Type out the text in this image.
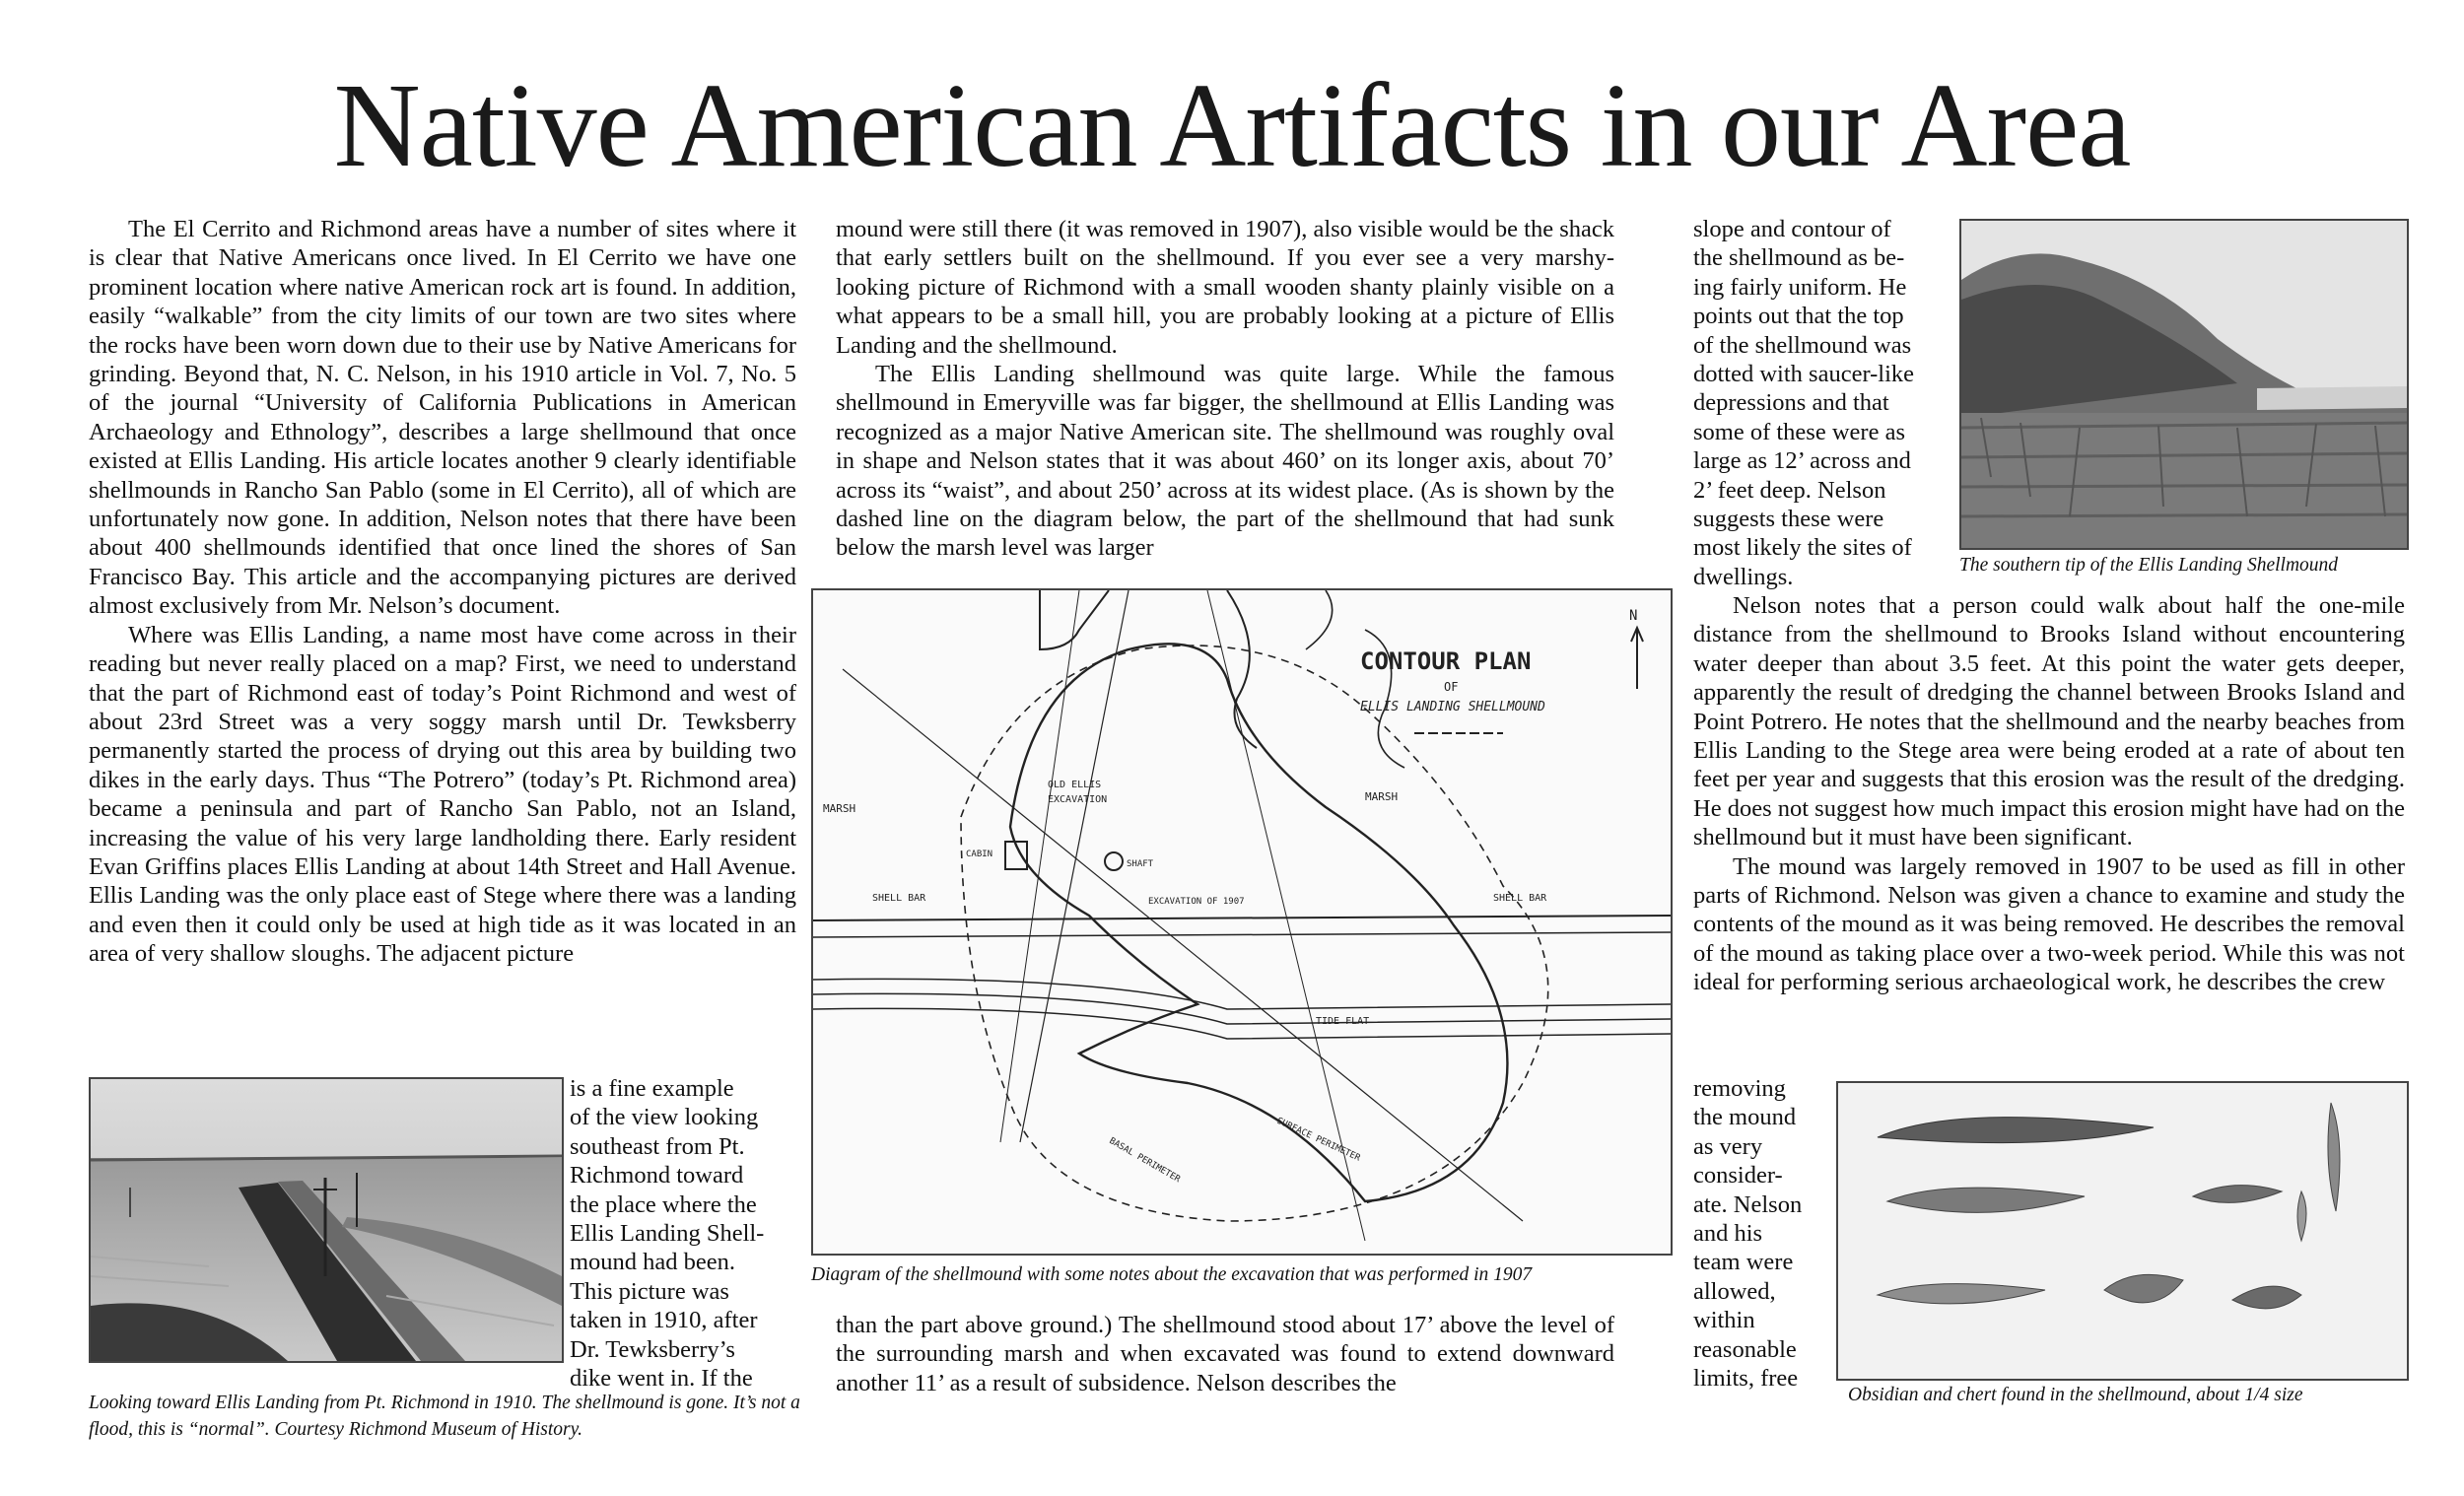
Native American Artifacts in our Area

The El Cerrito and Richmond areas have a number of sites where it is clear that Native Americans once lived. In El Cerrito we have one prominent location where native American rock art is found. In addition, easily “walkable” from the city limits of our town are two sites where the rocks have been worn down due to their use by Native Americans for grinding. Beyond that, N. C. Nelson, in his 1910 article in Vol. 7, No. 5 of the journal “University of California Publications in American Archaeology and Ethnology”, describes a large shellmound that once existed at Ellis Landing. His article locates another 9 clearly identifiable shellmounds in Rancho San Pablo (some in El Cerrito), all of which are unfortunately now gone. In addition, Nelson notes that there have been about 400 shellmounds identified that once lined the shores of San Francisco Bay. This article and the accompanying pictures are derived almost exclusively from Mr. Nelson’s document.

Where was Ellis Landing, a name most have come across in their reading but never really placed on a map? First, we need to understand that the part of Richmond east of today’s Point Richmond and west of about 23rd Street was a very soggy marsh until Dr. Tewksberry permanently started the process of drying out this area by building two dikes in the early days. Thus “The Potrero” (today’s Pt. Richmond area) became a peninsula and part of Rancho San Pablo, not an Island, increasing the value of his very large landholding there. Early resident Evan Griffins places Ellis Landing at about 14th Street and Hall Avenue. Ellis Landing was the only place east of Stege where there was a landing and even then it could only be used at high tide as it was located in an area of very shallow sloughs. The adjacent picture

is a fine example
of the view looking
southeast from Pt.
Richmond toward
the place where the
Ellis Landing Shell-
mound had been.
This picture was
taken in 1910, after
Dr. Tewksberry’s
dike went in. If the
Looking toward Ellis Landing from Pt. Richmond in 1910. The shellmound is gone. It’s not a flood, this is “normal”. Courtesy Richmond Museum of History.

mound were still there (it was removed in 1907), also visible would be the shack that early settlers built on the shellmound. If you ever see a very marshy-looking picture of Richmond with a small wooden shanty plainly visible on a what appears to be a small hill, you are probably looking at a picture of Ellis Landing and the shellmound.

The Ellis Landing shellmound was quite large. While the famous shellmound in Emeryville was far bigger, the shellmound at Ellis Landing was recognized as a major Native American site. The shellmound was roughly oval in shape and Nelson states that it was about 460’ on its longer axis, about 70’ across its “waist”, and about 250’ across at its widest place. (As is shown by the dashed line on the diagram below, the part of the shellmound that had sunk below the marsh level was larger

N
CONTOUR PLAN
OF
ELLIS LANDING SHELLMOUND
MARSH
MARSH
OLD ELLIS
EXCAVATION
SHELL BAR	SHELL BAR
CABIN
SHAFT
EXCAVATION OF 1907
TIDE FLAT
SURFACE PERIMETER
BASAL PERIMETER
Diagram of the shellmound with some notes about the excavation that was performed in 1907

than the part above ground.) The shellmound stood about 17’ above the level of the surrounding marsh and when excavated was found to extend downward another 11’ as a result of subsidence. Nelson describes the

slope and contour of
the shellmound as be-
ing fairly uniform. He
points out that the top
of the shellmound was
dotted with saucer-like
depressions and that
some of these were as
large as 12’ across and
2’ feet deep. Nelson
suggests these were
most likely the sites of
dwellings.	The southern tip of the Ellis Landing Shellmound

Nelson notes that a person could walk about half the one-mile distance from the shellmound to Brooks Island without encountering water deeper than about 3.5 feet. At this point the water gets deeper, apparently the result of dredging the channel between Brooks Island and Point Potrero. He notes that the shellmound and the nearby beaches from Ellis Landing to the Stege area were being eroded at a rate of about ten feet per year and suggests that this erosion was the result of the dredging. He does not suggest how much impact this erosion might have had on the shellmound but it must have been significant.

The mound was largely removed in 1907 to be used as fill in other parts of Richmond. Nelson was given a chance to examine and study the contents of the mound as it was being removed. He describes the removal of the mound as taking place over a two-week period. While this was not ideal for performing serious archaeological work, he describes the crew

removing
the mound
as very
consider-
ate. Nelson
and his
team were
allowed,
within
reasonable
limits, free
Obsidian and chert found in the shellmound, about 1/4 size
